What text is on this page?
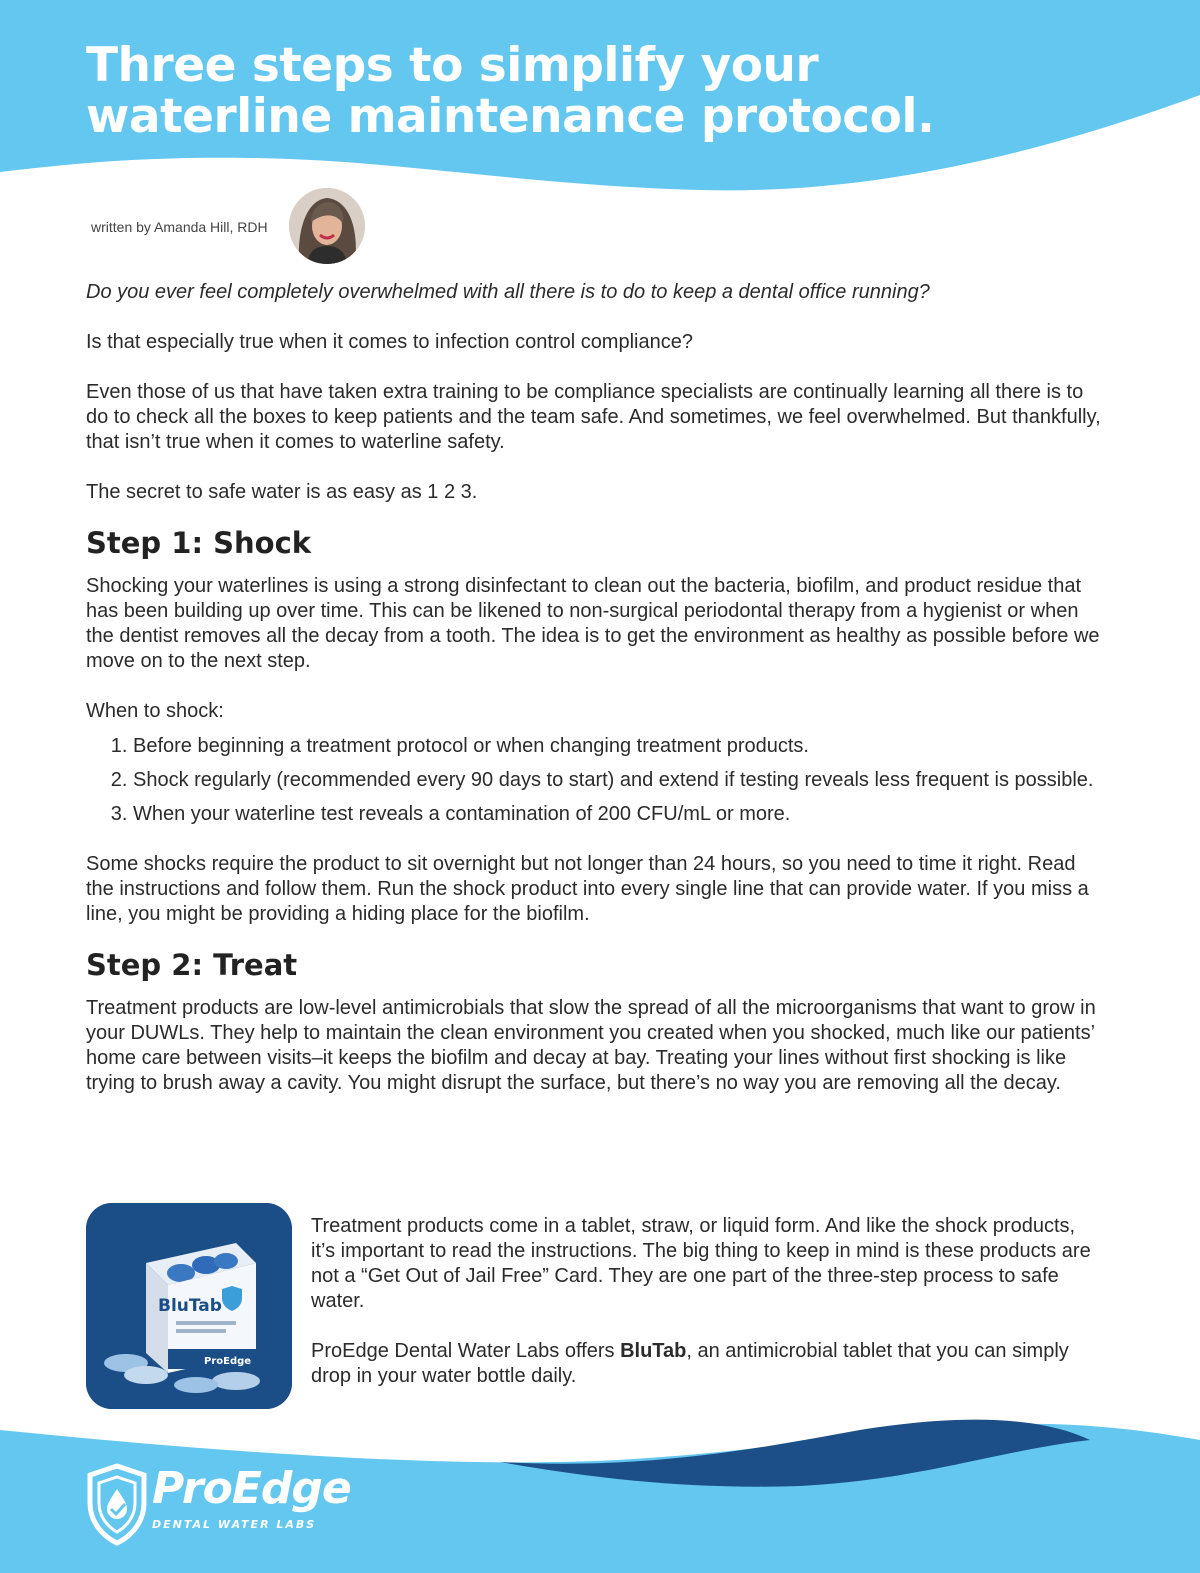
Three steps to simplify your
waterline maintenance protocol.
written by Amanda Hill, RDH

Do you ever feel completely overwhelmed with all there is to do to keep a dental office running?

Is that especially true when it comes to infection control compliance?

Even those of us that have taken extra training to be compliance specialists are continually learning all there is to do to check all the boxes to keep patients and the team safe. And sometimes, we feel overwhelmed. But thankfully, that isn’t true when it comes to waterline safety.

The secret to safe water is as easy as 1 2 3.

Step 1: Shock

Shocking your waterlines is using a strong disinfectant to clean out the bacteria, biofilm, and product residue that has been building up over time. This can be likened to non-surgical periodontal therapy from a hygienist or when the dentist removes all the decay from a tooth. The idea is to get the environment as healthy as possible before we move on to the next step.

When to shock:

1. Before beginning a treatment protocol or when changing treatment products.
2. Shock regularly (recommended every 90 days to start) and extend if testing reveals less frequent is possible.
3. When your waterline test reveals a contamination of 200 CFU/mL or more.

Some shocks require the product to sit overnight but not longer than 24 hours, so you need to time it right. Read the instructions and follow them. Run the shock product into every single line that can provide water. If you miss a line, you might be providing a hiding place for the biofilm.

Step 2: Treat

Treatment products are low-level antimicrobials that slow the spread of all the microorganisms that want to grow in your DUWLs. They help to maintain the clean environment you created when you shocked, much like our patients’ home care between visits–it keeps the biofilm and decay at bay. Treating your lines without first shocking is like trying to brush away a cavity. You might disrupt the surface, but there’s no way you are removing all the decay.

BluTab
ProEdge

Treatment products come in a tablet, straw, or liquid form. And like the shock products, it’s important to read the instructions. The big thing to keep in mind is these products are not a “Get Out of Jail Free” Card. They are one part of the three-step process to safe water.

ProEdge Dental Water Labs offers BluTab, an antimicrobial tablet that you can simply drop in your water bottle daily.

ProEdge
DENTAL WATER LABS
